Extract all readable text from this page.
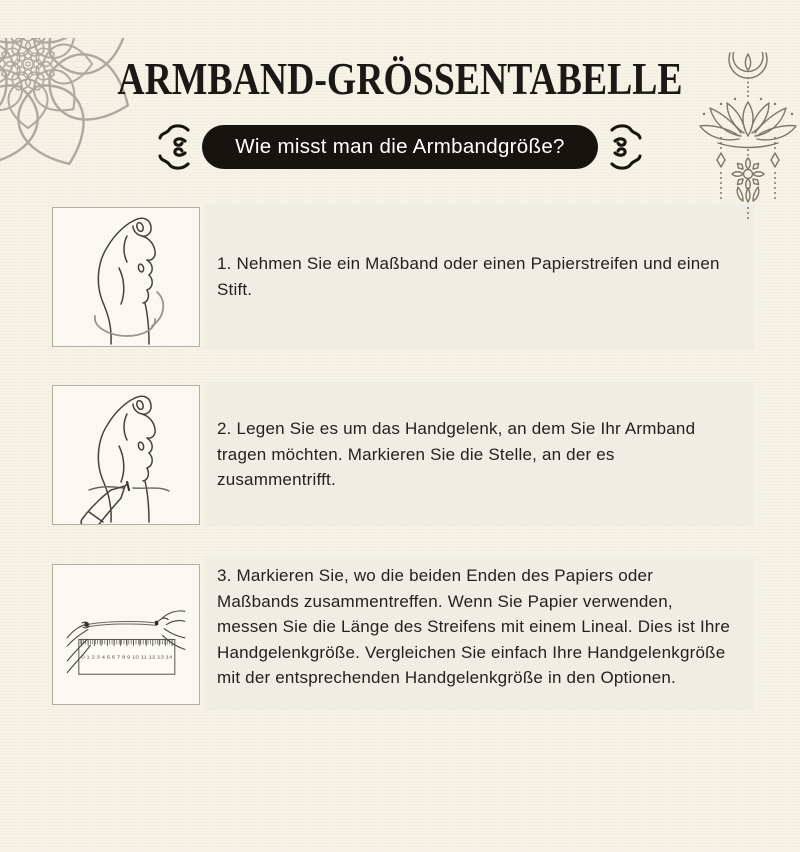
ARMBAND-GRÖSSENTABELLE
Wie misst man die Armbandgröße?

1. Nehmen Sie ein Maßband oder einen Papierstreifen und einen Stift.

2. Legen Sie es um das Handgelenk, an dem Sie Ihr Armband tragen möchten. Markieren Sie die Stelle, an der es zusammentrifft.

0 1 2 3 4 5 6 7 8 9 10 11 12 13 14

3. Markieren Sie, wo die beiden Enden des Papiers oder Maßbands zusammentreffen. Wenn Sie Papier verwenden, messen Sie die Länge des Streifens mit einem Lineal. Dies ist Ihre Handgelenkgröße. Vergleichen Sie einfach Ihre Handgelenkgröße mit der entsprechenden Handgelenkgröße in den Optionen.
